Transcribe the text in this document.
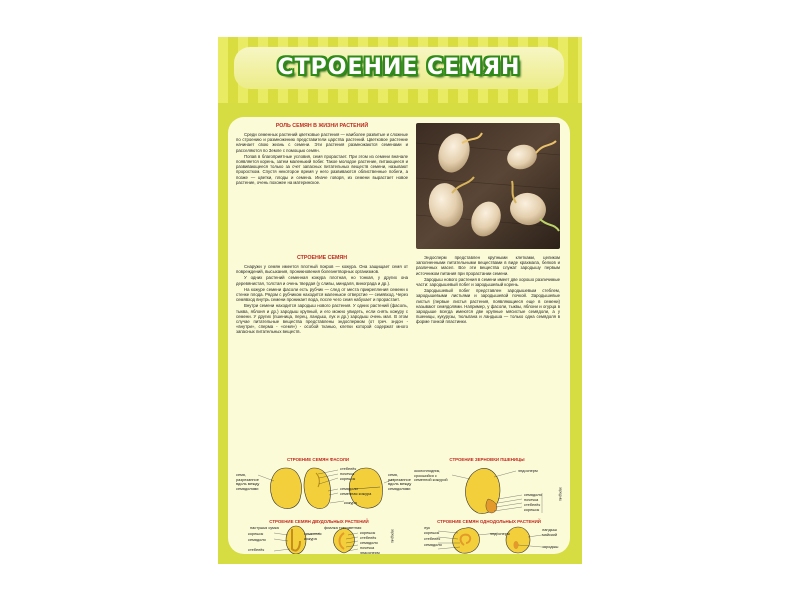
СТРОЕНИЕ СЕМЯН
РОЛЬ СЕМЯН В ЖИЗНИ РАСТЕНИЙ

Среди семенных растений цветковые растения — наиболее развитые и сложные по строению и размножению представители царства растений. Цветковое растение начинает свою жизнь с семени. Эти растения размножаются семенами и расселяются по Земле с помощью семян.

Попав в благоприятные условия, семя прорастает. При этом из семени вначале появляется корень, затем маленький побег. Такое молодое растение, питающееся и развивающееся только за счет запасных питательных веществ семени, называют проростком. Спустя некоторое время у него развиваются облиственные побеги, а позже — цветки, плоды и семена. Иначе говоря, из семени вырастает новое растение, очень похожее на материнское.

СТРОЕНИЕ СЕМЯН

Снаружи у семян имеется плотный покров — кожура. Она защищает семя от повреждений, высыхания, проникновения болезнетворных организмов.

У одних растений семенная кожура плотная, но тонкая, у других она деревянистая, толстая и очень твердая (у сливы, миндаля, винограда и др.).

На кожуре семени фасоли есть рубчик — след от места прикрепления семени к стенке плода. Рядом с рубчиком находится маленькое отверстие — семявход. Через семявход внутрь семени проникает вода, после чего семя набухает и прорастает.

Внутри семени находится зародыш нового растения. У одних растений (фасоль, тыква, яблоня и др.) зародыш крупный, и его можно увидеть, если снять кожуру с семени. У других (пшеница, перец, ландыш, лук и др.) зародыш очень мал. В этом случае питательные вещества представлены эндоспермом (от греч. эндон - «внутри», сперма - «семя») - особой тканью, клетки которой содержат много запасных питательных веществ.

Эндосперм представлен крупными клетками, целиком заполненными питательными веществами в виде крахмала, белков и различных масел. Все эти вещества служат зародышу первым источником питания при прорастании семени.

Зародыш нового растения в семени имеет две хорошо различимые части: зародышевый побег и зародышевый корень.

Зародышевый побег представлен зародышевым стеблем, зародышевыми листьями и зародышевой почкой. Зародышевые листья (первые листья растения, появляющиеся еще в семени) называют семядолями. Например, у фасоли, тыквы, яблони и огурца в зародыше всегда имеются две крупные мясистые семядоли, а у пшеницы, кукурузы, тюльпана и ландыша — только одна семядоля в форме тонкой пластинки.

СТРОЕНИЕ СЕМЯН ФАСОЛИ
семя, разрезанное вдоль между семядолями
стебелёк
почечка
корешок
семядоли
семенная кожура
кожура
семя, разрезанное вдоль между семядолями
СТРОЕНИЕ ЗЕРНОВКИ ПШЕНИЦЫ
околоплодник, сросшийся с семенной кожурой
эндосперм
семядоля
почечка
стебелёк
корешок
зародыш
СТРОЕНИЕ СЕМЯН ДВУДОЛЬНЫХ РАСТЕНИЙ
пастушья сумка	фиалка трехцветная
корешок	семенная кожура
семядоля
стебелёк
корешок
стебелёк
семядоля
почечка
эндосперм
зародыш
СТРОЕНИЕ СЕМЯН ОДНОДОЛЬНЫХ РАСТЕНИЙ
лук
корешок
стебелёк
семядоля
эндосперм
ландыш майский
зародыш
